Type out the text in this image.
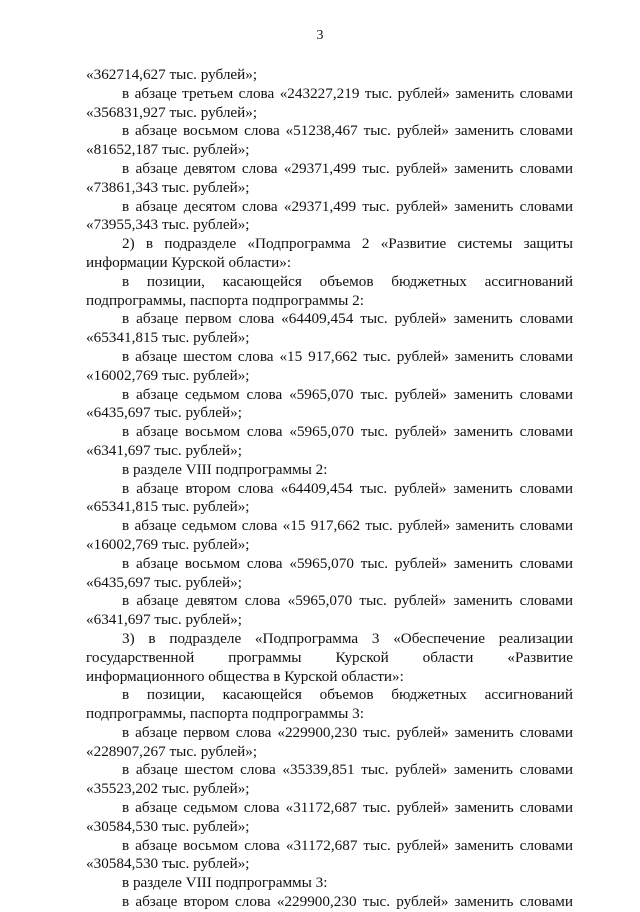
3
«362714,627 тыс. рублей»;
в абзаце третьем слова «243227,219 тыс. рублей» заменить словами
«356831,927 тыс. рублей»;
в абзаце восьмом слова «51238,467 тыс. рублей» заменить словами
«81652,187 тыс. рублей»;
в абзаце девятом слова «29371,499 тыс. рублей» заменить словами
«73861,343 тыс. рублей»;
в абзаце десятом слова «29371,499 тыс. рублей» заменить словами
«73955,343 тыс. рублей»;
2) в подразделе «Подпрограмма 2 «Развитие системы защиты
информации Курской области»:
в позиции, касающейся объемов бюджетных ассигнований
подпрограммы, паспорта подпрограммы 2:
в абзаце первом слова «64409,454 тыс. рублей» заменить словами
«65341,815 тыс. рублей»;
в абзаце шестом слова «15 917,662 тыс. рублей» заменить словами
«16002,769 тыс. рублей»;
в абзаце седьмом слова «5965,070 тыс. рублей» заменить словами
«6435,697 тыс. рублей»;
в абзаце восьмом слова «5965,070 тыс. рублей» заменить словами
«6341,697 тыс. рублей»;
в разделе VIII подпрограммы 2:
в абзаце втором слова «64409,454 тыс. рублей» заменить словами
«65341,815 тыс. рублей»;
в абзаце седьмом слова «15 917,662 тыс. рублей» заменить словами
«16002,769 тыс. рублей»;
в абзаце восьмом слова «5965,070 тыс. рублей» заменить словами
«6435,697 тыс. рублей»;
в абзаце девятом слова «5965,070 тыс. рублей» заменить словами
«6341,697 тыс. рублей»;
3) в подразделе «Подпрограмма 3 «Обеспечение реализации
государственной программы Курской области «Развитие
информационного общества в Курской области»:
в позиции, касающейся объемов бюджетных ассигнований
подпрограммы, паспорта подпрограммы 3:
в абзаце первом слова «229900,230 тыс. рублей» заменить словами
«228907,267 тыс. рублей»;
в абзаце шестом слова «35339,851 тыс. рублей» заменить словами
«35523,202 тыс. рублей»;
в абзаце седьмом слова «31172,687 тыс. рублей» заменить словами
«30584,530 тыс. рублей»;
в абзаце восьмом слова «31172,687 тыс. рублей» заменить словами
«30584,530 тыс. рублей»;
в разделе VIII подпрограммы 3:
в абзаце втором слова «229900,230 тыс. рублей» заменить словами
